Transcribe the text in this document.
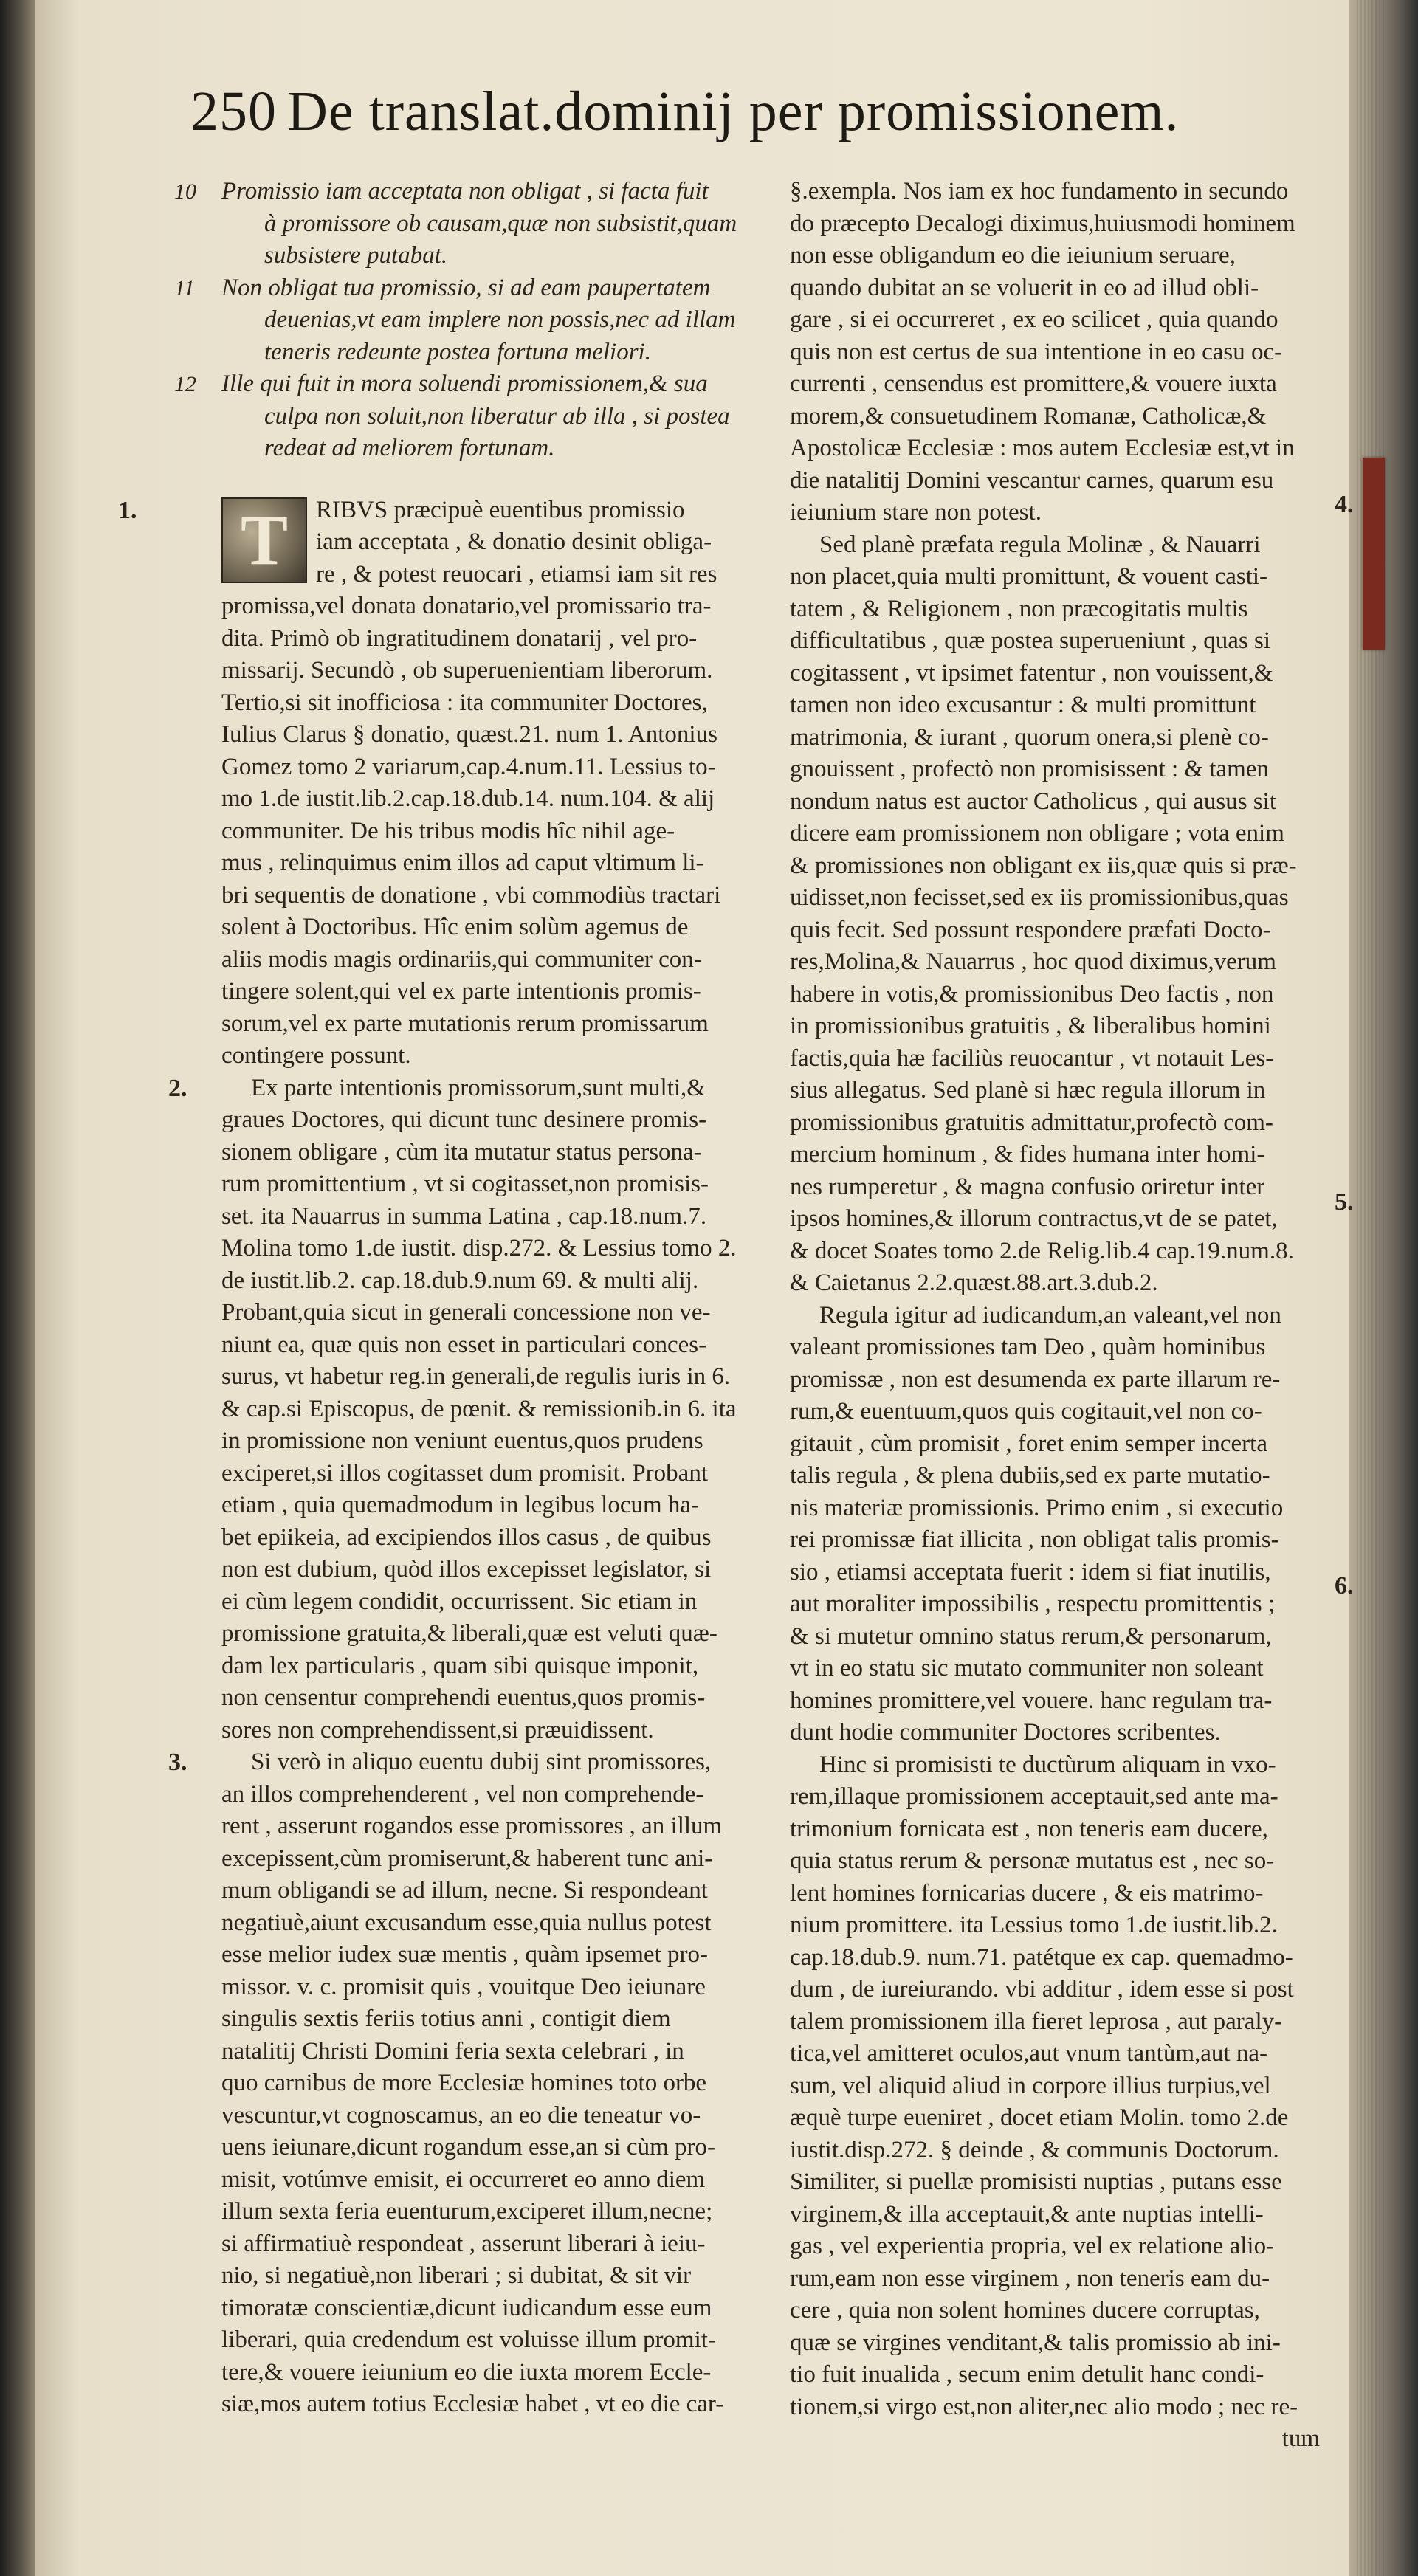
250 De translat.dominij per promissionem.
10 Promissio iam acceptata non obligat , si facta fuit
à promissore ob causam,quæ non subsistit,quam
subsistere putabat.
11 Non obligat tua promissio, si ad eam paupertatem
deuenias,vt eam implere non possis,nec ad illam
teneris redeunte postea fortuna meliori.
12 Ille qui fuit in mora soluendi promissionem,& sua
culpa non soluit,non liberatur ab illa , si postea
redeat ad meliorem fortunam.
T
1.	RIBVS præcipuè euentibus promissio
iam acceptata , & donatio desinit obliga-
re , & potest reuocari , etiamsi iam sit res
promissa,vel donata donatario,vel promissario tra-
dita. Primò ob ingratitudinem donatarij , vel pro-
missarij. Secundò , ob superuenientiam liberorum.
Tertio,si sit inofficiosa : ita communiter Doctores,
Iulius Clarus § donatio, quæst.21. num 1. Antonius
Gomez tomo 2 variarum,cap.4.num.11. Lessius to-
mo 1.de iustit.lib.2.cap.18.dub.14. num.104. & alij
communiter. De his tribus modis hîc nihil age-
mus , relinquimus enim illos ad caput vltimum li-
bri sequentis de donatione , vbi commodiùs tractari
solent à Doctoribus. Hîc enim solùm agemus de
aliis modis magis ordinariis,qui communiter con-
tingere solent,qui vel ex parte intentionis promis-
sorum,vel ex parte mutationis rerum promissarum
contingere possunt.
2.	Ex parte intentionis promissorum,sunt multi,&
graues Doctores, qui dicunt tunc desinere promis-
sionem obligare , cùm ita mutatur status persona-
rum promittentium , vt si cogitasset,non promisis-
set. ita Nauarrus in summa Latina , cap.18.num.7.
Molina tomo 1.de iustit. disp.272. & Lessius tomo 2.
de iustit.lib.2. cap.18.dub.9.num 69. & multi alij.
Probant,quia sicut in generali concessione non ve-
niunt ea, quæ quis non esset in particulari conces-
surus, vt habetur reg.in generali,de regulis iuris in 6.
& cap.si Episcopus, de pœnit. & remissionib.in 6. ita
in promissione non veniunt euentus,quos prudens
exciperet,si illos cogitasset dum promisit. Probant
etiam , quia quemadmodum in legibus locum ha-
bet epiikeia, ad excipiendos illos casus , de quibus
non est dubium, quòd illos excepisset legislator, si
ei cùm legem condidit, occurrissent. Sic etiam in
promissione gratuita,& liberali,quæ est veluti quæ-
dam lex particularis , quam sibi quisque imponit,
non censentur comprehendi euentus,quos promis-
sores non comprehendissent,si præuidissent.
3.	Si verò in aliquo euentu dubij sint promissores,
an illos comprehenderent , vel non comprehende-
rent , asserunt rogandos esse promissores , an illum
excepissent,cùm promiserunt,& haberent tunc ani-
mum obligandi se ad illum, necne. Si respondeant
negatiuè,aiunt excusandum esse,quia nullus potest
esse melior iudex suæ mentis , quàm ipsemet pro-
missor. v. c. promisit quis , vouitque Deo ieiunare
singulis sextis feriis totius anni , contigit diem
natalitij Christi Domini feria sexta celebrari , in
quo carnibus de more Ecclesiæ homines toto orbe
vescuntur,vt cognoscamus, an eo die teneatur vo-
uens ieiunare,dicunt rogandum esse,an si cùm pro-
misit, votúmve emisit, ei occurreret eo anno diem
illum sexta feria euenturum,exciperet illum,necne;
si affirmatiuè respondeat , asserunt liberari à ieiu-
nio, si negatiuè,non liberari ; si dubitat, & sit vir
timoratæ conscientiæ,dicunt iudicandum esse eum
liberari, quia credendum est voluisse illum promit-
tere,& vouere ieiunium eo die iuxta morem Eccle-
siæ,mos autem totius Ecclesiæ habet , vt eo die car-
§.exempla. Nos iam ex hoc fundamento in secundo
do præcepto Decalogi diximus,huiusmodi hominem
non esse obligandum eo die ieiunium seruare,
quando dubitat an se voluerit in eo ad illud obli-
gare , si ei occurreret , ex eo scilicet , quia quando
quis non est certus de sua intentione in eo casu oc-
currenti , censendus est promittere,& vouere iuxta
morem,& consuetudinem Romanæ, Catholicæ,&
Apostolicæ Ecclesiæ : mos autem Ecclesiæ est,vt in
die natalitij Domini vescantur carnes, quarum esu
ieiunium stare non potest.
Sed planè præfata regula Molinæ , & Nauarri
non placet,quia multi promittunt, & vouent casti-
tatem , & Religionem , non præcogitatis multis
difficultatibus , quæ postea superueniunt , quas si
cogitassent , vt ipsimet fatentur , non vouissent,&
tamen non ideo excusantur : & multi promittunt
matrimonia, & iurant , quorum onera,si plenè co-
gnouissent , profectò non promisissent : & tamen
nondum natus est auctor Catholicus , qui ausus sit
dicere eam promissionem non obligare ; vota enim
& promissiones non obligant ex iis,quæ quis si præ-
uidisset,non fecisset,sed ex iis promissionibus,quas
quis fecit. Sed possunt respondere præfati Docto-
res,Molina,& Nauarrus , hoc quod diximus,verum
habere in votis,& promissionibus Deo factis , non
in promissionibus gratuitis , & liberalibus homini
factis,quia hæ faciliùs reuocantur , vt notauit Les-
sius allegatus. Sed planè si hæc regula illorum in
promissionibus gratuitis admittatur,profectò com-
mercium hominum , & fides humana inter homi-
nes rumperetur , & magna confusio oriretur inter
ipsos homines,& illorum contractus,vt de se patet,
& docet Soates tomo 2.de Relig.lib.4 cap.19.num.8.
& Caietanus 2.2.quæst.88.art.3.dub.2.
Regula igitur ad iudicandum,an valeant,vel non
valeant promissiones tam Deo , quàm hominibus
promissæ , non est desumenda ex parte illarum re-
rum,& euentuum,quos quis cogitauit,vel non co-
gitauit , cùm promisit , foret enim semper incerta
talis regula , & plena dubiis,sed ex parte mutatio-
nis materiæ promissionis. Primo enim , si executio
rei promissæ fiat illicita , non obligat talis promis-
sio , etiamsi acceptata fuerit : idem si fiat inutilis,
aut moraliter impossibilis , respectu promittentis ;
& si mutetur omnino status rerum,& personarum,
vt in eo statu sic mutato communiter non soleant
homines promittere,vel vouere. hanc regulam tra-
dunt hodie communiter Doctores scribentes.
Hinc si promisisti te ductùrum aliquam in vxo-
rem,illaque promissionem acceptauit,sed ante ma-
trimonium fornicata est , non teneris eam ducere,
quia status rerum & personæ mutatus est , nec so-
lent homines fornicarias ducere , & eis matrimo-
nium promittere. ita Lessius tomo 1.de iustit.lib.2.
cap.18.dub.9. num.71. patétque ex cap. quemadmo-
dum , de iureiurando. vbi additur , idem esse si post
talem promissionem illa fieret leprosa , aut paraly-
tica,vel amitteret oculos,aut vnum tantùm,aut na-
sum, vel aliquid aliud in corpore illius turpius,vel
æquè turpe eueniret , docet etiam Molin. tomo 2.de
iustit.disp.272. § deinde , & communis Doctorum.
Similiter, si puellæ promisisti nuptias , putans esse
virginem,& illa acceptauit,& ante nuptias intelli-
gas , vel experientia propria, vel ex relatione alio-
rum,eam non esse virginem , non teneris eam du-
cere , quia non solent homines ducere corruptas,
quæ se virgines venditant,& talis promissio ab ini-
tio fuit inualida , secum enim detulit hanc condi-
tionem,si virgo est,non aliter,nec alio modo ; nec re-
tum
4.
5.
6.
